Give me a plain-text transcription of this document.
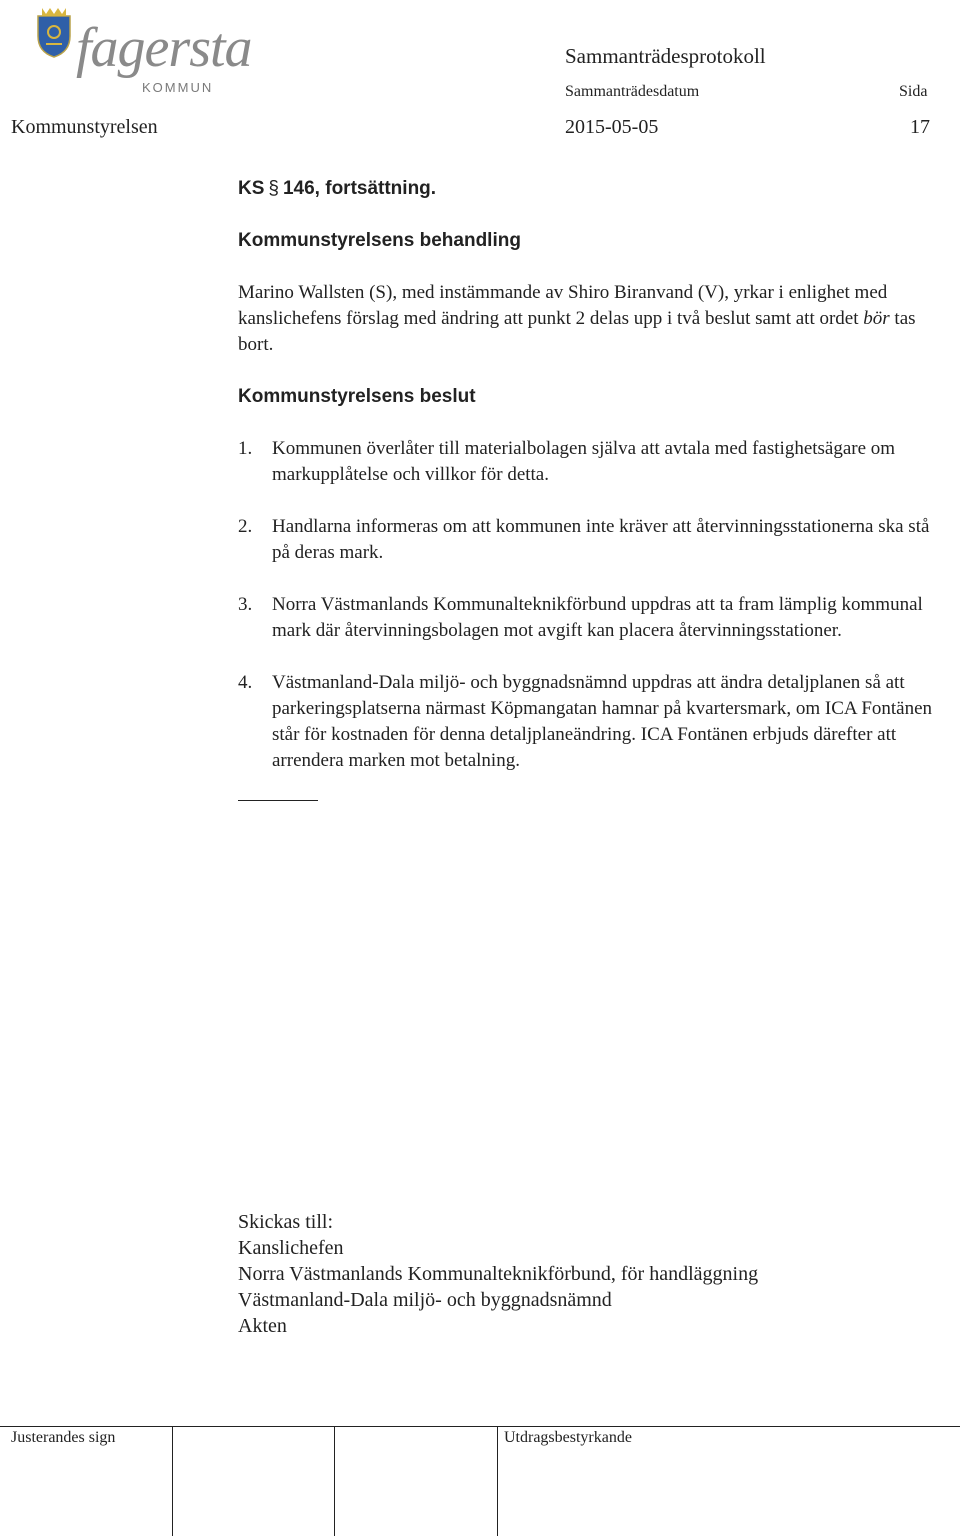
fagersta
KOMMUN
Sammanträdesprotokoll
Sammanträdesdatum	Sida
Kommunstyrelsen	2015-05-05	17

KS § 146, fortsättning.

Kommunstyrelsens behandling

Marino Wallsten (S), med instämmande av Shiro Biranvand (V), yrkar i enlighet med kanslichefens förslag med ändring att punkt 2 delas upp i två beslut samt att ordet bör tas bort.

Kommunstyrelsens beslut

1.	Kommunen överlåter till materialbolagen själva att avtala med fastighetsägare om markupplåtelse och villkor för detta.
2.	Handlarna informeras om att kommunen inte kräver att återvinningsstationerna ska stå på deras mark.
3.	Norra Västmanlands Kommunalteknikförbund uppdras att ta fram lämplig kommunal mark där återvinningsbolagen mot avgift kan placera återvinningsstationer.
4.	Västmanland-Dala miljö- och byggnadsnämnd uppdras att ändra detaljplanen så att parkeringsplatserna närmast Köpmangatan hamnar på kvartersmark, om ICA Fontänen står för kostnaden för denna detaljplaneändring. ICA Fontänen erbjuds därefter att arrendera marken mot betalning.
Skickas till:
Kanslichefen
Norra Västmanlands Kommunalteknikförbund, för handläggning
Västmanland-Dala miljö- och byggnadsnämnd
Akten
Justerandes sign	Utdragsbestyrkande
